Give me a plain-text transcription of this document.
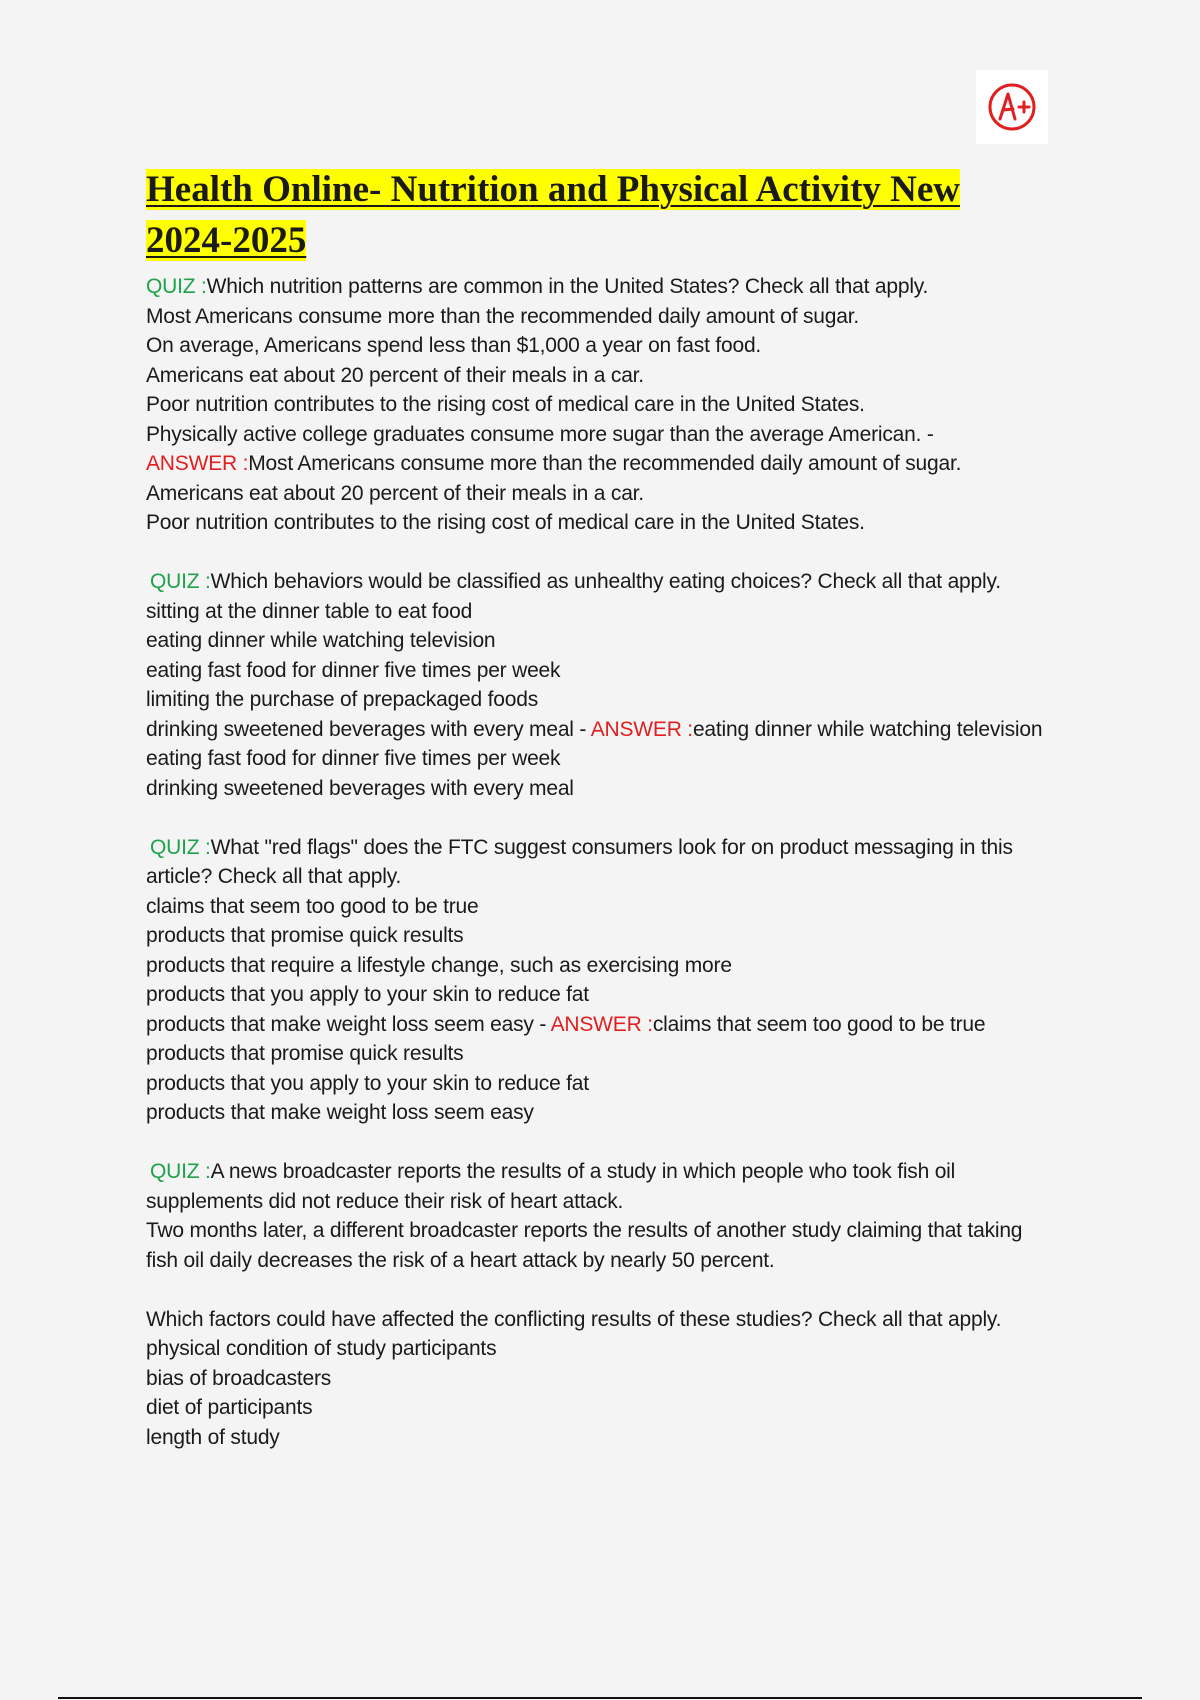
Health Online- Nutrition and Physical Activity New 2024-2025
QUIZ :Which nutrition patterns are common in the United States? Check all that apply.
Most Americans consume more than the recommended daily amount of sugar.
On average, Americans spend less than $1,000 a year on fast food.
Americans eat about 20 percent of their meals in a car.
Poor nutrition contributes to the rising cost of medical care in the United States.
Physically active college graduates consume more sugar than the average American. -
ANSWER :Most Americans consume more than the recommended daily amount of sugar.
Americans eat about 20 percent of their meals in a car.
Poor nutrition contributes to the rising cost of medical care in the United States.
QUIZ :Which behaviors would be classified as unhealthy eating choices? Check all that apply.
sitting at the dinner table to eat food
eating dinner while watching television
eating fast food for dinner five times per week
limiting the purchase of prepackaged foods
drinking sweetened beverages with every meal - ANSWER :eating dinner while watching television
eating fast food for dinner five times per week
drinking sweetened beverages with every meal
QUIZ :What "red flags" does the FTC suggest consumers look for on product messaging in this article? Check all that apply.
claims that seem too good to be true
products that promise quick results
products that require a lifestyle change, such as exercising more
products that you apply to your skin to reduce fat
products that make weight loss seem easy - ANSWER :claims that seem too good to be true
products that promise quick results
products that you apply to your skin to reduce fat
products that make weight loss seem easy
QUIZ :A news broadcaster reports the results of a study in which people who took fish oil supplements did not reduce their risk of heart attack.
Two months later, a different broadcaster reports the results of another study claiming that taking fish oil daily decreases the risk of a heart attack by nearly 50 percent.
Which factors could have affected the conflicting results of these studies? Check all that apply.
physical condition of study participants
bias of broadcasters
diet of participants
length of study
